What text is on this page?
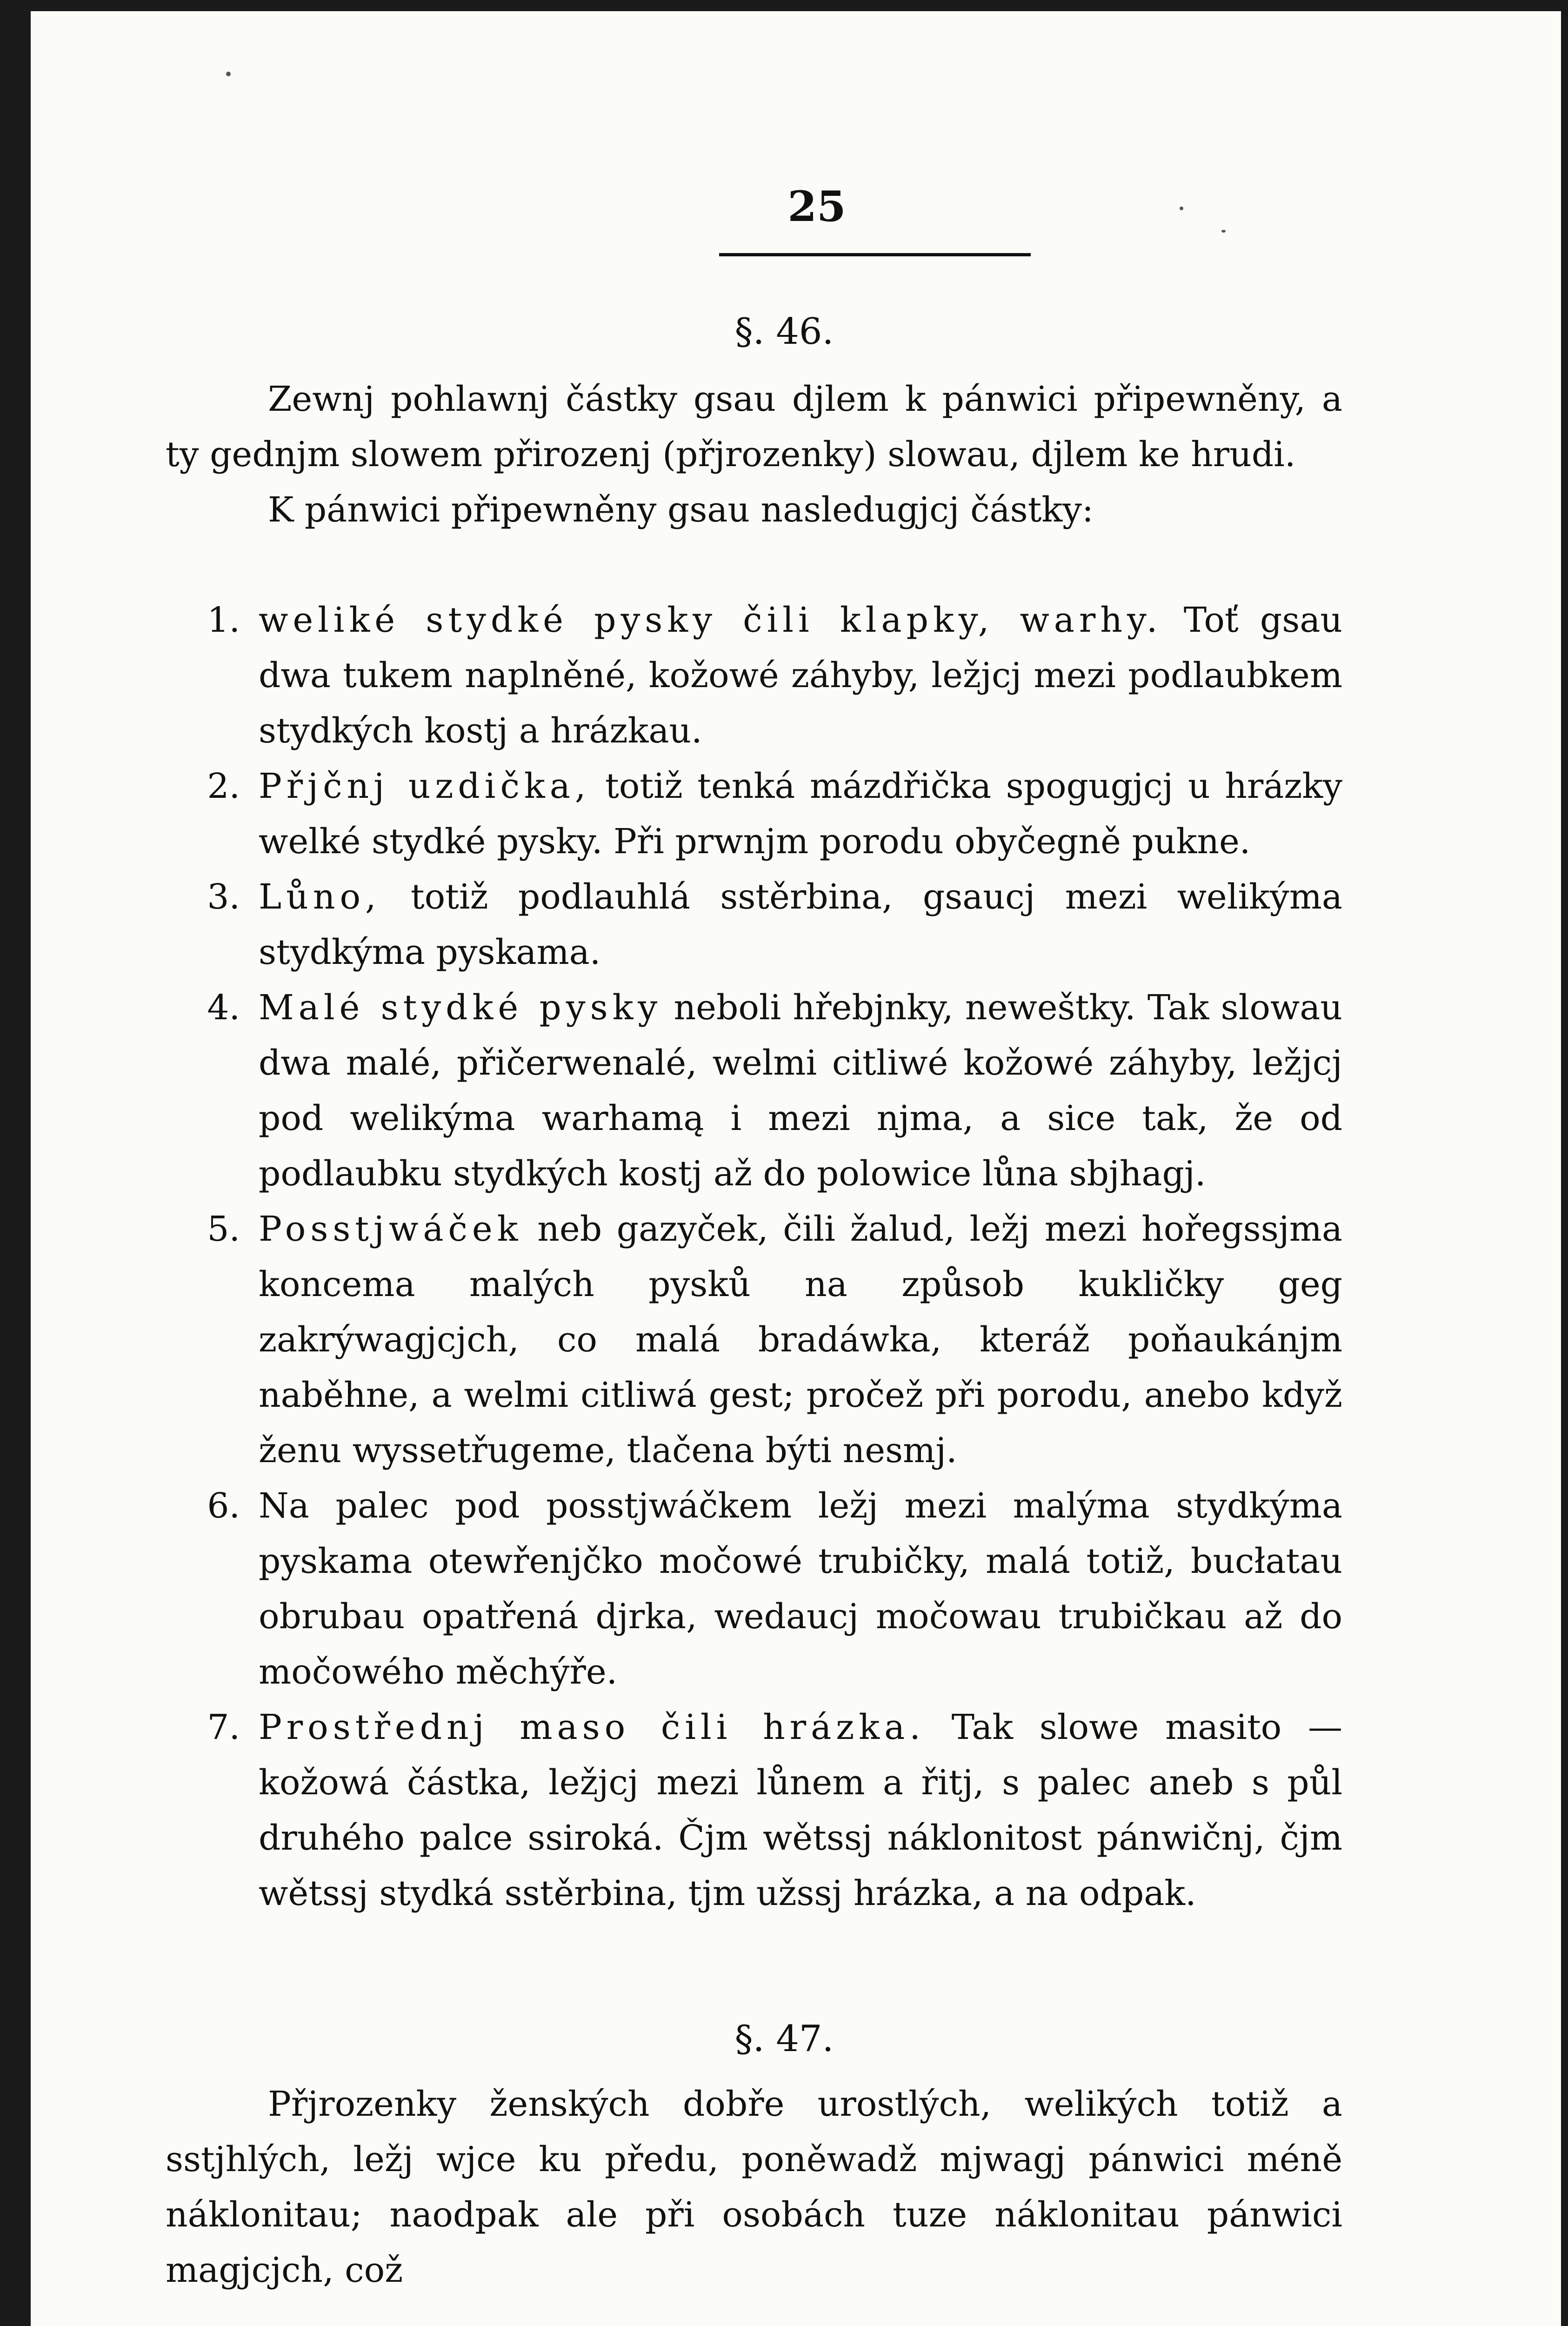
25
§. 46.

Zewnj pohlawnj částky gsau djlem k pánwici připewněny, a ty gednjm slowem přirozenj (přjrozenky) slowau, djlem ke hrudi.

K pánwici připewněny gsau nasledugjcj částky:

1. weliké stydké pysky čili klapky, warhy. Toť gsau dwa tukem naplněné, kožowé záhyby, ležjcj mezi podlaubkem stydkých kostj a hrázkau.
2. Přjčnj uzdička, totiž tenká mázdřička spogugjcj u hrázky welké stydké pysky. Při prwnjm porodu obyčegně pukne.
3. Lůno, totiž podlauhlá sstěrbina, gsaucj mezi welikýma stydkýma pyskama.
4. Malé stydké pysky neboli hřebjnky, neweštky. Tak slowau dwa malé, přičerwenalé, welmi citliwé kožowé záhyby, ležjcj pod welikýma warhamą i mezi njma, a sice tak, že od podlaubku stydkých kostj až do polowice lůna sbjhagj.
5. Posstjwáček neb gazyček, čili žalud, ležj mezi hořegssjma koncema malých pysků na způsob kukličky geg zakrýwagjcjch, co malá bradáwka, kteráž poňaukánjm naběhne, a welmi citliwá gest; pročež při porodu, anebo když ženu wyssetřugeme, tlačena býti nesmj.
6. Na palec pod posstjwáčkem ležj mezi malýma stydkýma pyskama otewřenjčko močowé trubičky, malá totiž, bucłatau obrubau opatřená djrka, wedaucj močowau trubičkau až do močowého měchýře.
7. Prostřednj maso čili hrázka. Tak slowe masito — kožowá částka, ležjcj mezi lůnem a řitj, s palec aneb s půl druhého palce ssiroká. Čjm wětssj náklonitost pánwičnj, čjm wětssj stydká sstěrbina, tjm užssj hrázka, a na odpak.
§. 47.

Přjrozenky ženských dobře urostlých, welikých totiž a sstjhlých, ležj wjce ku předu, poněwadž mjwagj pánwici méně náklonitau; naodpak ale při osobách tuze náklonitau pánwici magjcjch, což
